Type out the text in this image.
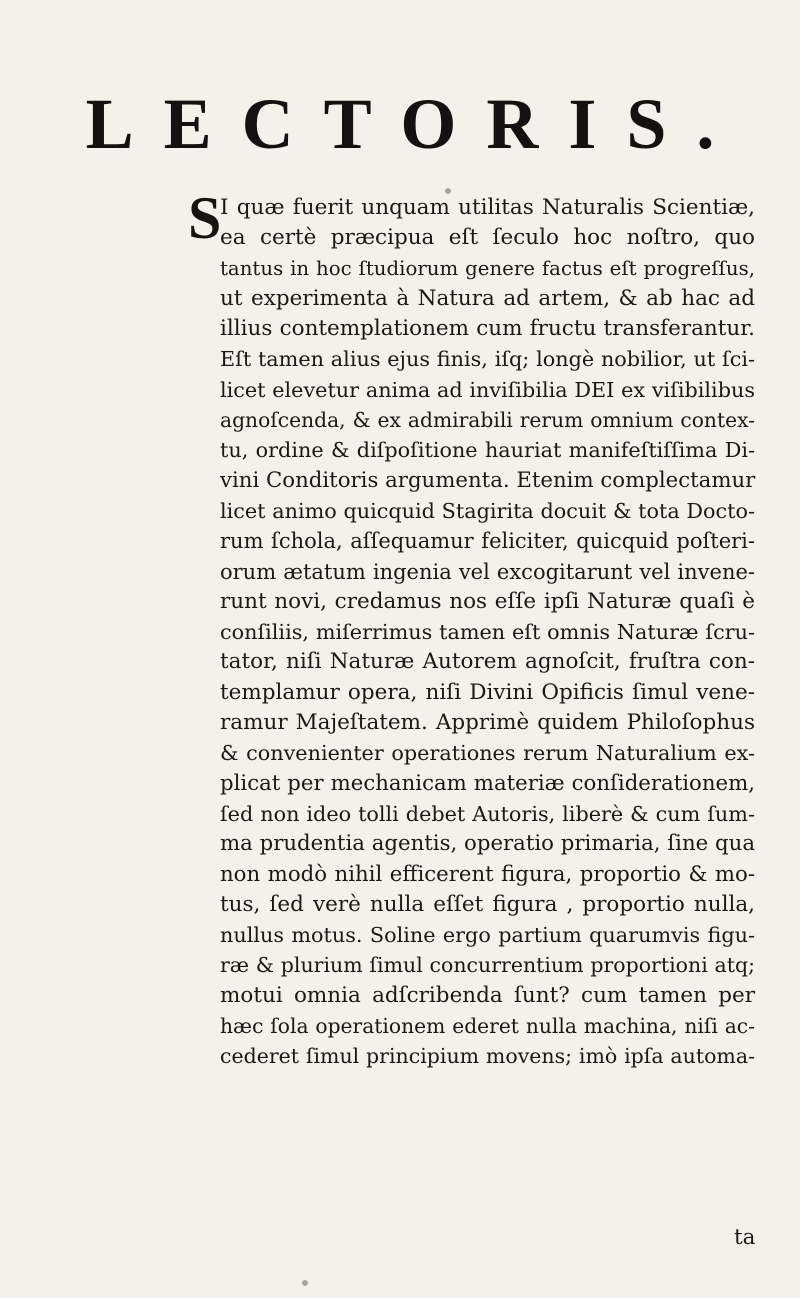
LECTORIS.
S
I quæ fuerit unquam utilitas Naturalis Scientiæ,
ea certè præcipua eſt ſeculo hoc noſtro, quo
tantus in hoc ſtudiorum genere factus eſt progreſſus,
ut experimenta à Natura ad artem, & ab hac ad
illius contemplationem cum fructu transferantur.
Eſt tamen alius ejus finis, iſq; longè nobilior, ut ſci-
licet elevetur anima ad inviſibilia DEI ex viſibilibus
agnoſcenda, & ex admirabili rerum omnium contex-
tu, ordine & diſpoſitione hauriat manifeſtiſſima Di-
vini Conditoris argumenta. Etenim complectamur
licet animo quicquid Stagirita docuit & tota Docto-
rum ſchola, aſſequamur feliciter, quicquid poſteri-
orum ætatum ingenia vel excogitarunt vel invene-
runt novi, credamus nos eſſe ipſi Naturæ quaſi è
conſiliis, miſerrimus tamen eſt omnis Naturæ ſcru-
tator, niſi Naturæ Autorem agnoſcit, fruſtra con-
templamur opera, niſi Divini Opificis ſimul vene-
ramur Majeſtatem. Apprimè quidem Philoſophus
& convenienter operationes rerum Naturalium ex-
plicat per mechanicam materiæ conſiderationem,
ſed non ideo tolli debet Autoris, liberè & cum ſum-
ma prudentia agentis, operatio primaria, ſine qua
non modò nihil efficerent figura, proportio & mo-
tus, ſed verè nulla eſſet figura , proportio nulla,
nullus motus. Soline ergo partium quarumvis figu-
ræ & plurium ſimul concurrentium proportioni atq;
motui omnia adſcribenda ſunt? cum tamen per
hæc ſola operationem ederet nulla machina, niſi ac-
cederet ſimul principium movens; imò ipſa automa-
ta
